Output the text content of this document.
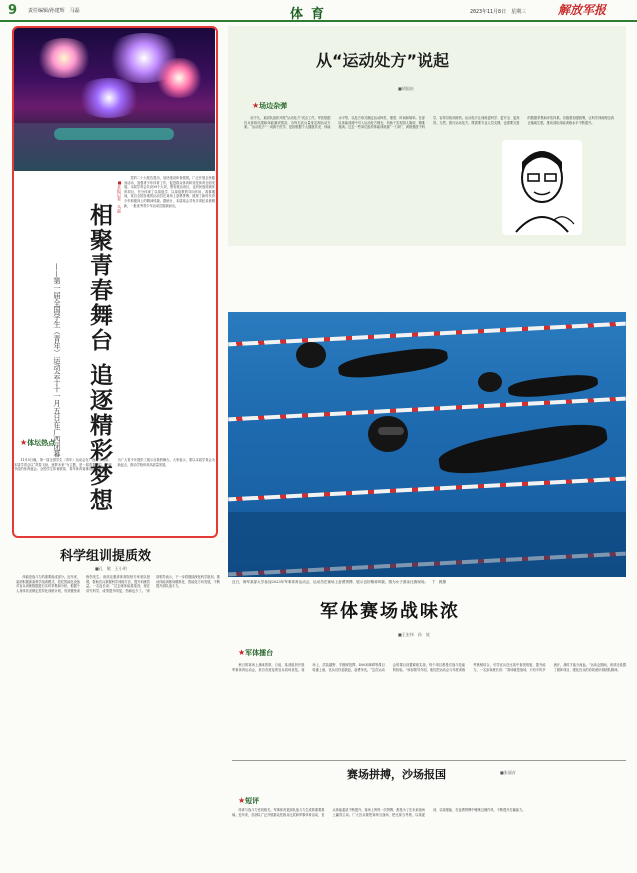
9 责任编辑/孙建辉　马磊	体育	2023年11月8日　星期三	解放军报
■本报记者　马磊

党的二十大报告提出，加快建设体育强国。广泛开展全民健身活动，加强青少年体育工作，促进群众体育和竞技体育全面发展。本届学青会共设39个大项，既有奥运项目，也有民族传统体育项目，充分体现了以赛促学、以赛促教的导向作用。赛事期间，来自全国各地的运动员在赛场上奋勇拼搏，展现了新时代青少年积极向上的精神风貌。据统计，本届赛会共有多项纪录被刷新，一批优秀青少年运动员脱颖而出。

相聚青春舞台 追逐精彩梦想
——第一届全国学生（青年）运动会于十一月五日在广西闭幕
★体坛热点

11月5日晚，第一届全国学生（青年）运动会在广西南宁闭幕。本届学青会以“青春飞扬，逐梦未来”为主题，是一届青春洋溢、文明节俭的体育盛会。全国学生体育联赛、青年体育赛事得到统筹推进，为广大青少年提供了展示自我的舞台。大家表示，要以本届学青会为新起点，推动学校体育高质量发展。

科学组训提质效
■孔　敏　王小明

体能是战斗力的重要组成部分。近年来，某部积极探索科学组训模式，依托智能化设备对官兵训练数据进行实时采集和分析，根据个人身体状况制定差异化训练计划，有效避免训练伤发生。该部还邀请体育院校专家来队授课，帮助官兵掌握科学训练方法，提升训练效益。一名连长说：“过去练体能靠蛮劲，现在讲究科学，成绩提升明显，伤病也少了。”该部领导表示，下一步将继续深化科学组训，推动体能训练向精准化、智能化方向发展，不断提升部队战斗力。

从“运动处方”说起
■胡国庆
★场边杂弹

前不久，某部队组织开展“运动处方”试点工作，军医根据官兵体检结果和体能测试情况，为每名官兵量身定制运动方案。“运动处方”一词源于医学，是指根据个人健康状况、体能水平等，以处方形式确定运动种类、强度、时间和频率。在部队体能训练中引入运动处方理念，有助于实现因人施训、精准施训。过去一些单位组织体能训练搞“一刀切”，训练强度不科学，容易导致训练伤。运动处方让训练更科学、更安全、更高效。当然，推行运动处方，既需要专业人员支撑，也需要完善的数据采集和评估体系。各级要加强统筹，让科学训练理念真正落地生根，推动部队体能训练水平不断提升。

近日，海军某部大学参加2023年军事体育运动会，运动员在赛场上奋勇拼搏，展示良好精神风貌。图为女子游泳比赛现场。　卞　晨摄
军体赛场战味浓
■王宏伟　孙　放
★军体擂台

秋日的赛场上战味浓厚。日前，某部组织开展军事体育运动会，来自各营连的官兵同场竞技。赛场上，武装越野、手榴弹投掷、400米障碍等课目轮番上演，官兵们你追我赶，奋勇争先。“这次运动会的课目设置紧贴实战，每个项目都是对战斗技能的检验。”该部领导介绍，他们把运动会与年度训练考核相结合，引导官兵在比赛中查找短板、提升能力。一名参赛班长说：“赛场就是战场，只有平时多流汗，战时才能少流血。”运动会期间，该部还设置了团体项目，强化官兵的协同意识和团队精神。

赛场拼搏，沙场报国	■张丽音
★短评

体育与战斗力密切相关。军事体育是部队战斗力生成的重要基础。近年来，各部队广泛开展群众性练兵比武和军事体育活动，官兵体能素质不断提升。赛场上的每一次拼搏，都是为了在未来战场上赢得主动。广大官兵要把赛场当战场，把比赛当考核，以赛促训、以赛强能，在奋勇拼搏中锤炼过硬作风，不断提升打赢能力。
